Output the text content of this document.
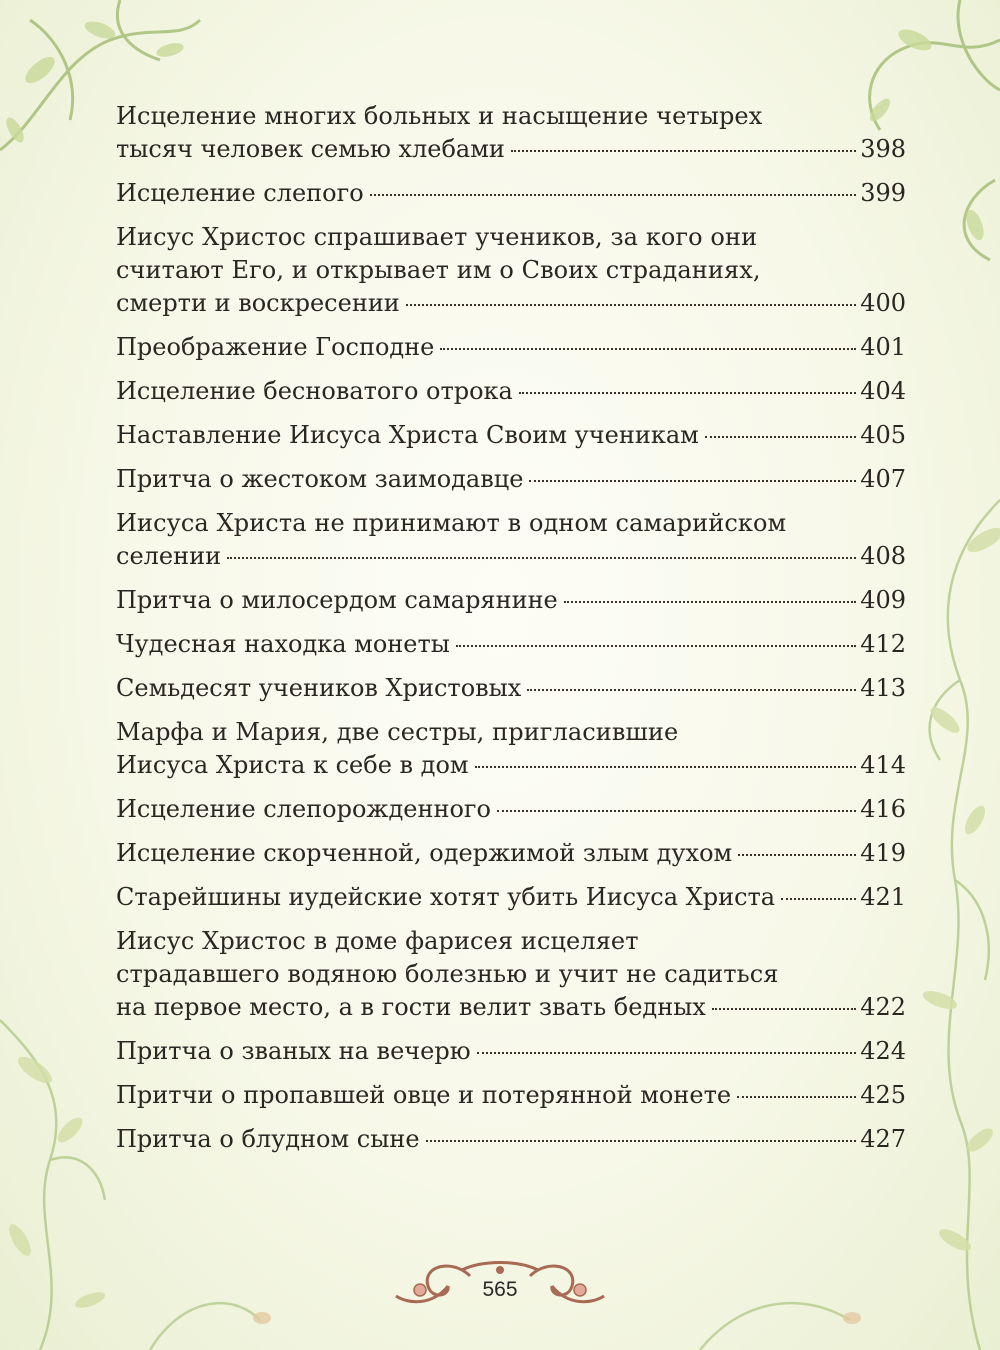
Исцеление многих больных и насыщение четырех
тысяч человек семью хлебами	398
Исцеление слепого	399
Иисус Христос спрашивает учеников, за кого они
считают Его, и открывает им о Своих страданиях,
смерти и воскресении	400
Преображение Господне	401
Исцеление бесноватого отрока	404
Наставление Иисуса Христа Своим ученикам	405
Притча о жестоком заимодавце	407
Иисуса Христа не принимают в одном самарийском
селении	408
Притча о милосердом самарянине	409
Чудесная находка монеты	412
Семьдесят учеников Христовых	413
Марфа и Мария, две сестры, пригласившие
Иисуса Христа к себе в дом	414
Исцеление слепорожденного	416
Исцеление скорченной, одержимой злым духом	419
Старейшины иудейские хотят убить Иисуса Христа	421
Иисус Христос в доме фарисея исцеляет
страдавшего водяною болезнью и учит не садиться
на первое место, а в гости велит звать бедных	422
Притча о званых на вечерю	424
Притчи о пропавшей овце и потерянной монете	425
Притча о блудном сыне	427
565
